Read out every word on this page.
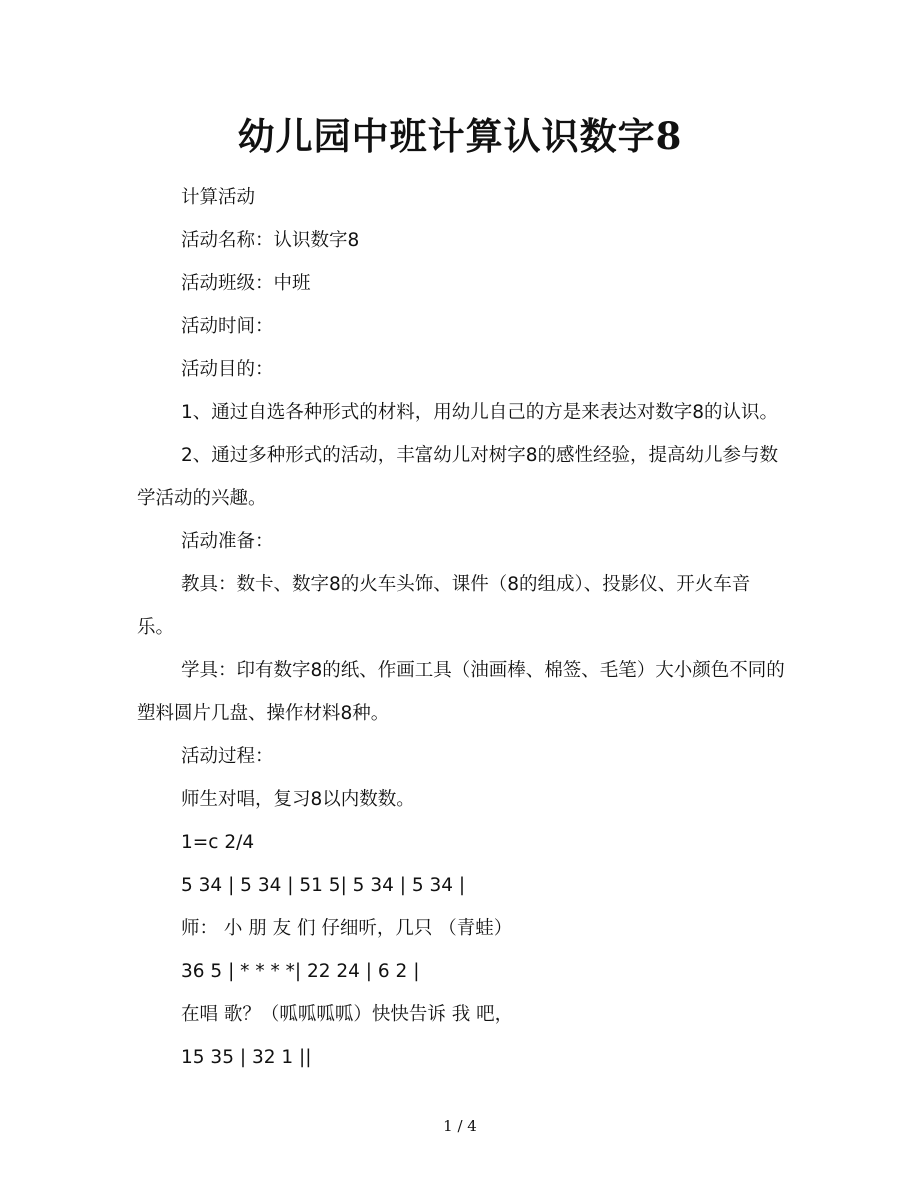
幼儿园中班计算认识数字8

计算活动

活动名称：认识数字8

活动班级：中班

活动时间：

活动目的：

1、通过自选各种形式的材料，用幼儿自己的方是来表达对数字8的认识。

2、通过多种形式的活动，丰富幼儿对树字8的感性经验，提高幼儿参与数学活动的兴趣。

活动准备：

教具：数卡、数字8的火车头饰、课件（8的组成）、投影仪、开火车音乐。

学具：印有数字8的纸、作画工具（油画棒、棉签、毛笔）大小颜色不同的塑料圆片几盘、操作材料8种。

活动过程：

师生对唱，复习8以内数数。

1=c 2/4

5 34 | 5 34 | 51 5| 5 34 | 5 34 |

师： 小 朋 友 们 仔细听，几只 （青蛙）

36 5 | * * * *| 22 24 | 6 2 |

在唱 歌？（呱呱呱呱）快快告诉 我 吧，

15 35 | 32 1 ||

1 / 4
